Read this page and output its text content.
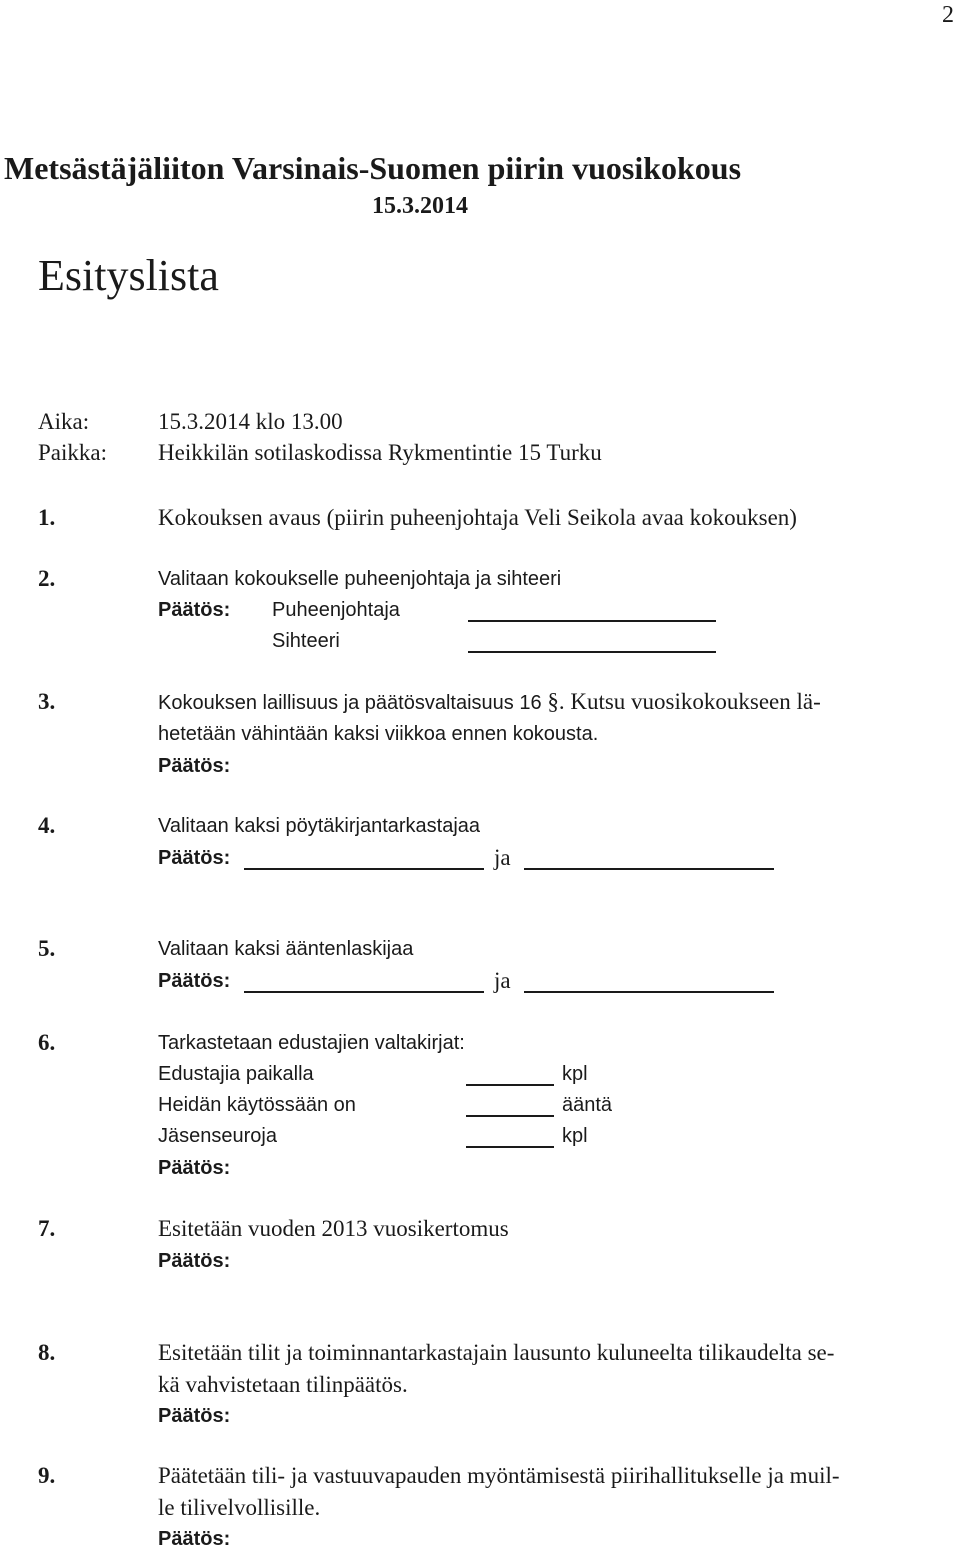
2
Metsästäjäliiton Varsinais-Suomen piirin vuosikokous
15.3.2014
Esityslista
Aika:	15.3.2014 klo 13.00
Paikka: Heikkilän sotilaskodissa Rykmentintie 15 Turku
1.	Kokouksen avaus (piirin puheenjohtaja Veli Seikola avaa kokouksen)
2.	Valitaan kokoukselle puheenjohtaja ja sihteeri
Päätös: Puheenjohtaja
Sihteeri
3.	Kokouksen laillisuus ja päätösvaltaisuus 16 §. Kutsu vuosikokoukseen lä-
hetetään vähintään kaksi viikkoa ennen kokousta.
Päätös:
4.	Valitaan kaksi pöytäkirjantarkastajaa
Päätös:	ja
5.	Valitaan kaksi ääntenlaskijaa
Päätös:	ja
6.	Tarkastetaan edustajien valtakirjat:
Edustajia paikalla	kpl
Heidän käytössään on	ääntä
Jäsenseuroja	kpl
Päätös:
7.	Esitetään vuoden 2013 vuosikertomus
Päätös:
8.	Esitetään tilit ja toiminnantarkastajain lausunto kuluneelta tilikaudelta se-
kä vahvistetaan tilinpäätös.
Päätös:
9.	Päätetään tili- ja vastuuvapauden myöntämisestä piirihallitukselle ja muil-
le tilivelvollisille.
Päätös:
